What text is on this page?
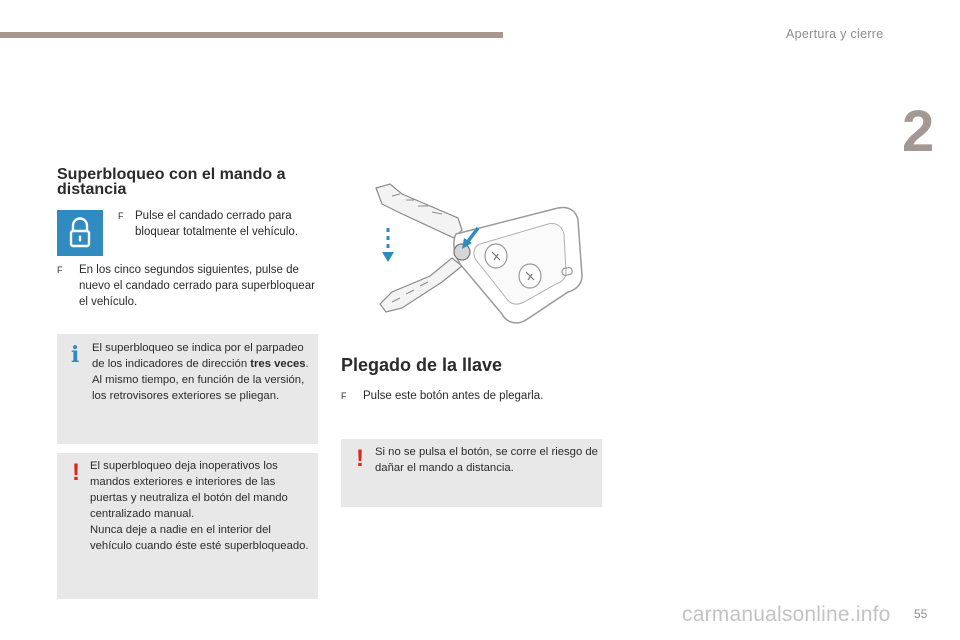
Apertura y cierre
2
Superbloqueo con el mando a distancia
F	Pulse el candado cerrado para bloquear totalmente el vehículo.
F	En los cinco segundos siguientes, pulse de nuevo el candado cerrado para superbloquear el vehículo.
i El superbloqueo se indica por el parpadeo de los indicadores de dirección tres veces.
Al mismo tiempo, en función de la versión, los retrovisores exteriores se pliegan.
! El superbloqueo deja inoperativos los mandos exteriores e interiores de las puertas y neutraliza el botón del mando centralizado manual.
Nunca deje a nadie en el interior del vehículo cuando éste esté superbloqueado.
Plegado de la llave
F	Pulse este botón antes de plegarla.
! Si no se pulsa el botón, se corre el riesgo de dañar el mando a distancia.
carmanualsonline.info 55
